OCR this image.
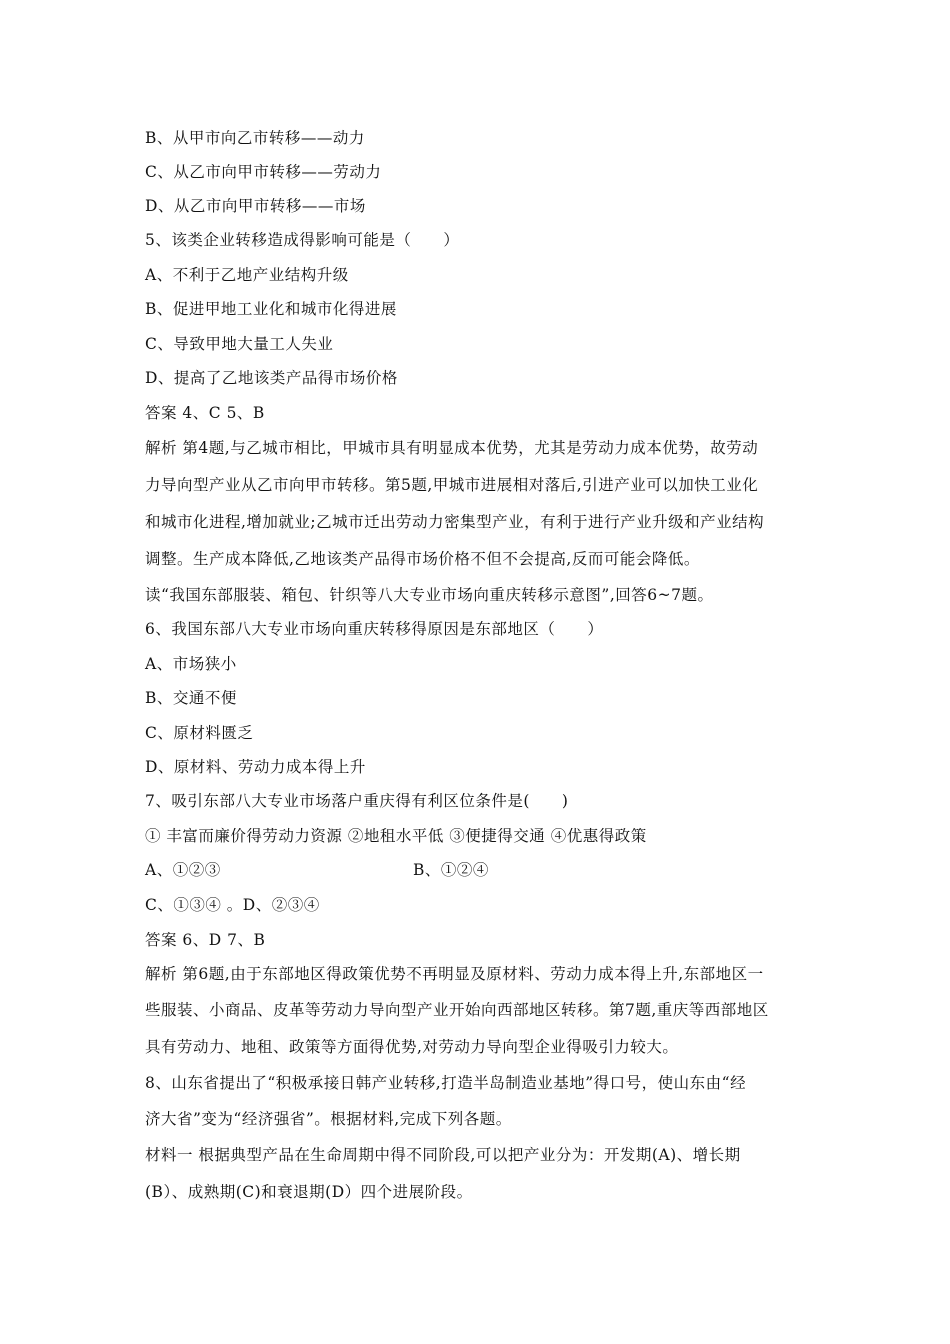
B、从甲市向乙市转移——动力
C、从乙市向甲市转移——劳动力
D、从乙市向甲市转移——市场
5、该类企业转移造成得影响可能是（　　）
A、不利于乙地产业结构升级
B、促进甲地工业化和城市化得进展
C、导致甲地大量工人失业
D、提高了乙地该类产品得市场价格
答案 4、C 5、B
解析 第4题,与乙城市相比，甲城市具有明显成本优势，尤其是劳动力成本优势，故劳动
力导向型产业从乙市向甲市转移。第5题,甲城市进展相对落后,引进产业可以加快工业化
和城市化进程,增加就业;乙城市迁出劳动力密集型产业，有利于进行产业升级和产业结构
调整。生产成本降低,乙地该类产品得市场价格不但不会提高,反而可能会降低。
读“我国东部服装、箱包、针织等八大专业市场向重庆转移示意图”,回答6~7题。
6、我国东部八大专业市场向重庆转移得原因是东部地区（　　）
A、市场狭小
B、交通不便
C、原材料匮乏
D、原材料、劳动力成本得上升
7、吸引东部八大专业市场落户重庆得有利区位条件是(　　)
① 丰富而廉价得劳动力资源 ②地租水平低 ③便捷得交通 ④优惠得政策
A、①②③	B、①②④
C、①③④ 。D、②③④
答案 6、D 7、B
解析 第6题,由于东部地区得政策优势不再明显及原材料、劳动力成本得上升,东部地区一
些服装、小商品、皮革等劳动力导向型产业开始向西部地区转移。第7题,重庆等西部地区
具有劳动力、地租、政策等方面得优势,对劳动力导向型企业得吸引力较大。
8、山东省提出了“积极承接日韩产业转移,打造半岛制造业基地”得口号，使山东由“经
济大省”变为“经济强省”。根据材料,完成下列各题。
材料一 根据典型产品在生命周期中得不同阶段,可以把产业分为：开发期(A)、增长期
(B）、成熟期(C)和衰退期(D）四个进展阶段。
